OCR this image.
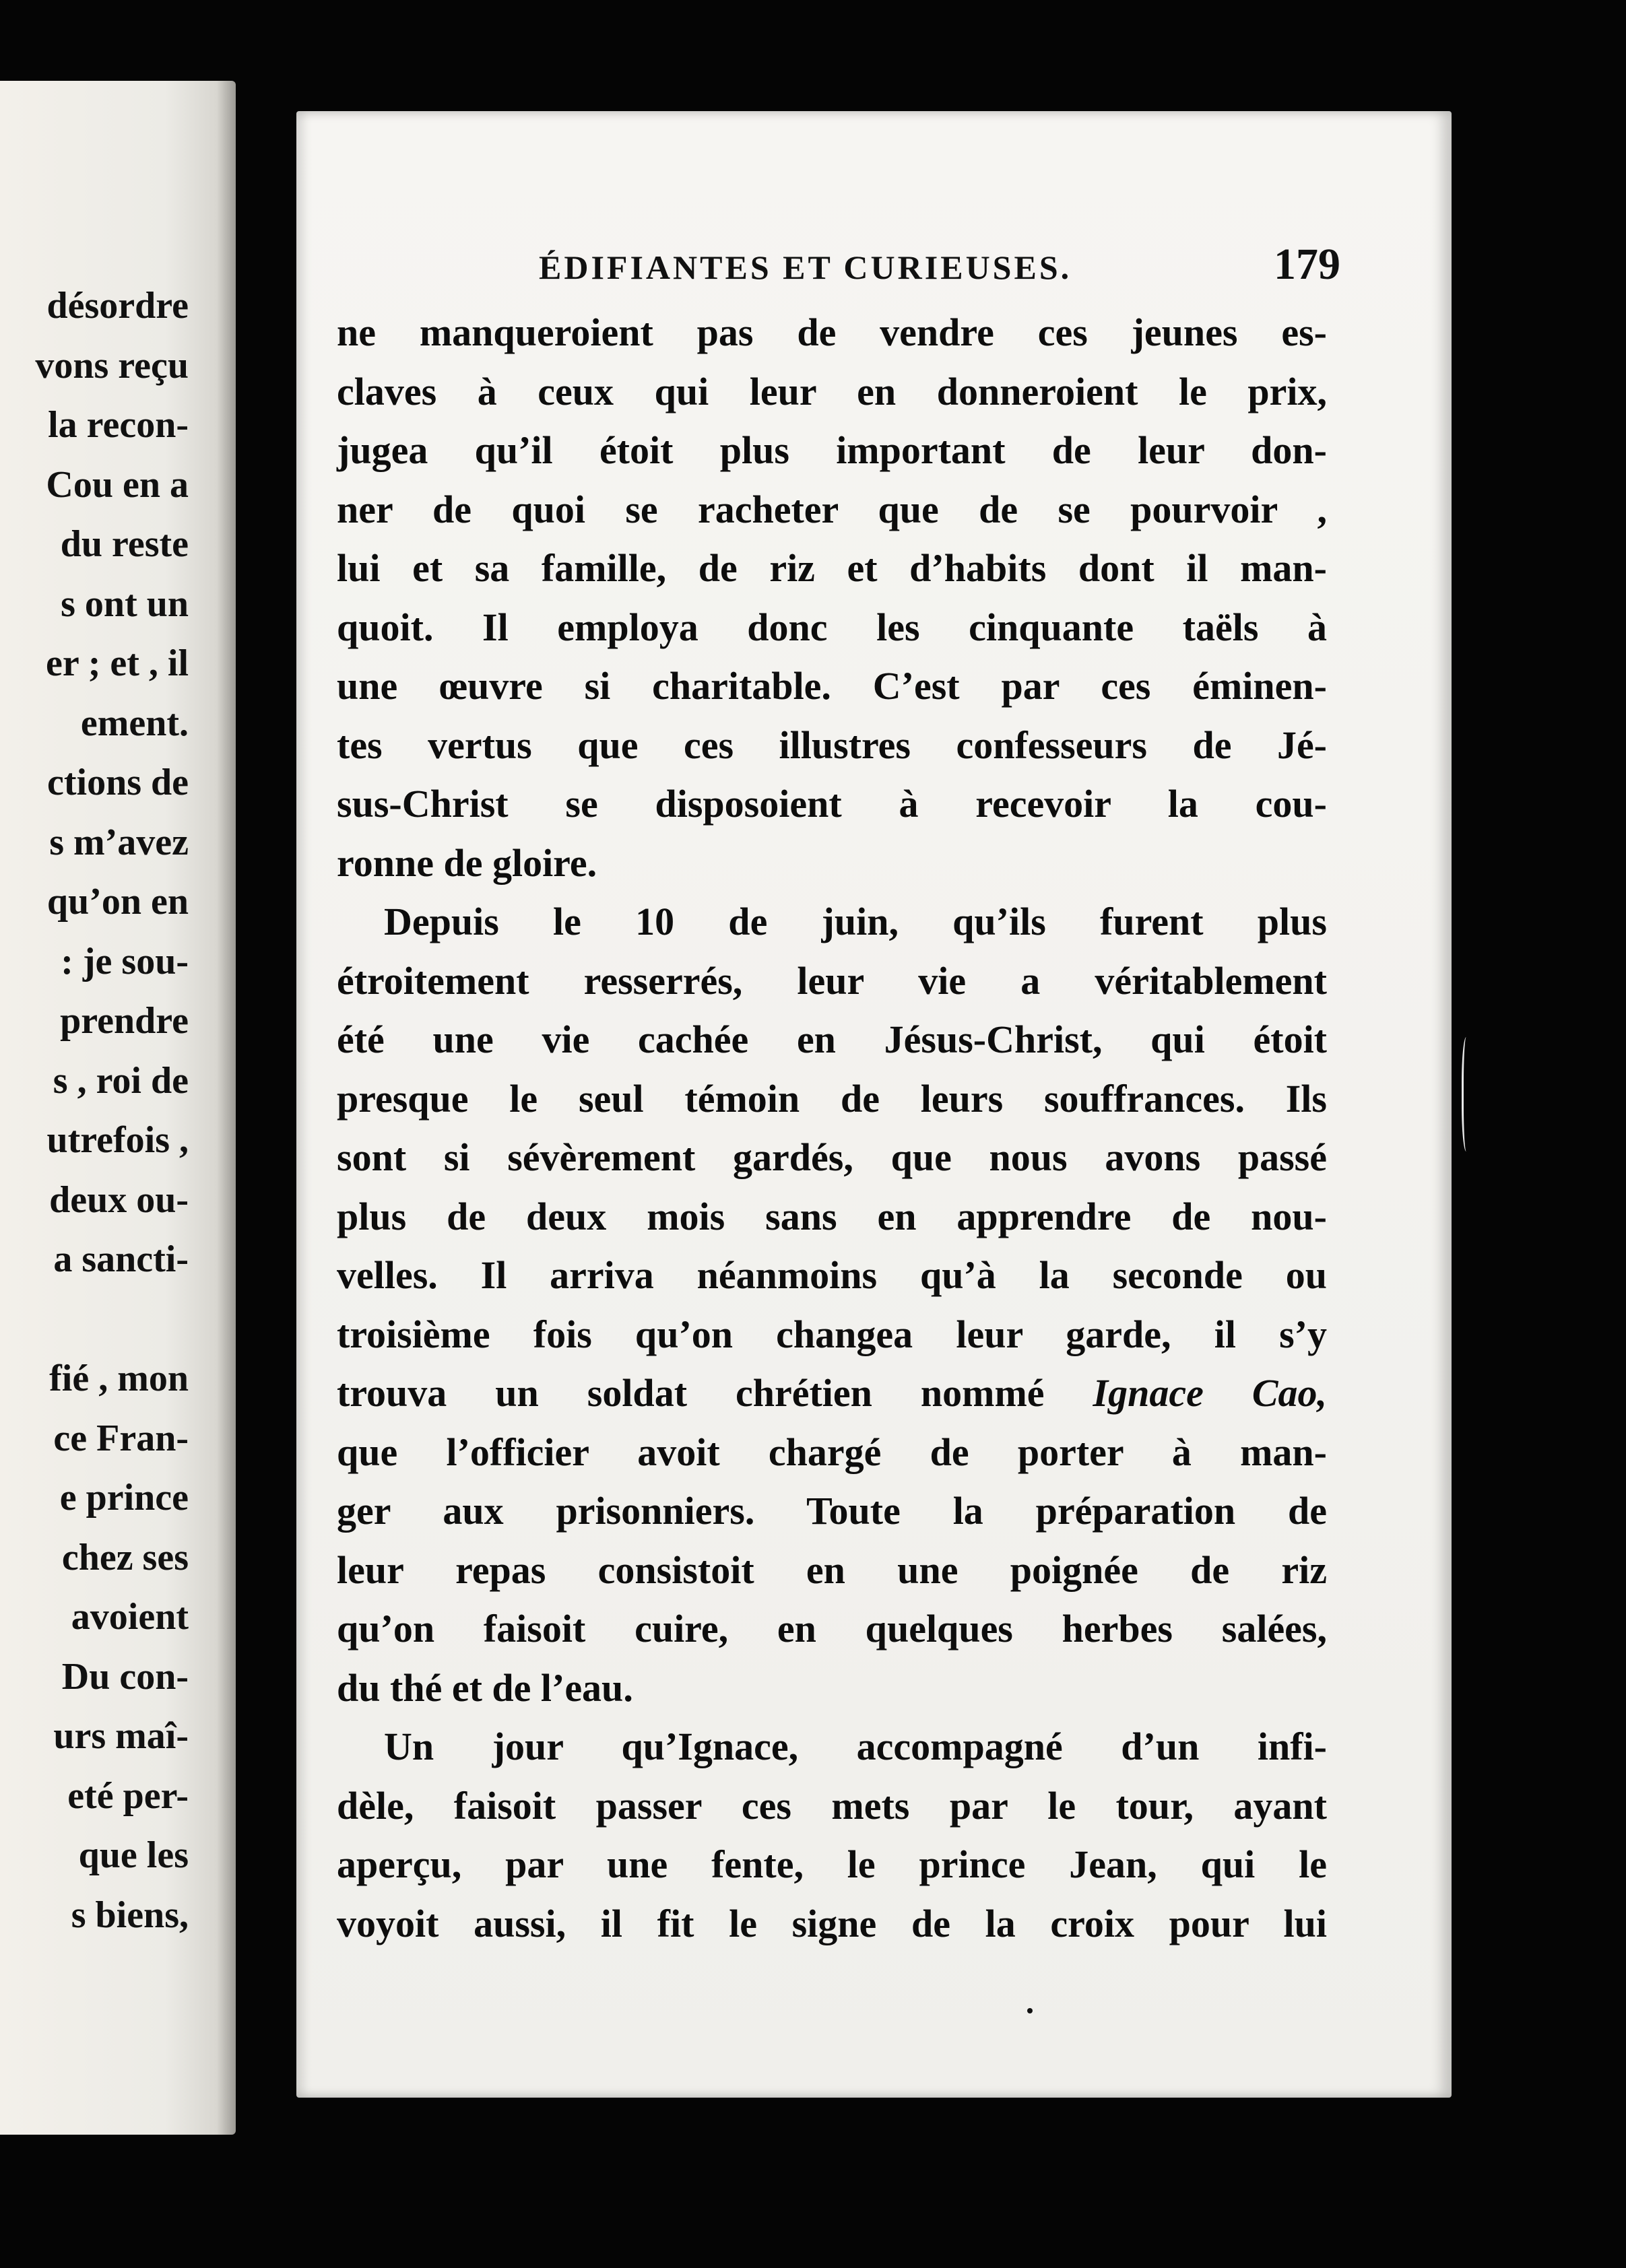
désordre
vons reçu
la recon-
Cou en a
du reste
s ont un
er ; et , il
ement.
ctions de
s m’avez
qu’on en
: je sou-
prendre
s , roi de
utrefois ,
deux ou-
a sancti-
fié , mon
ce Fran-
e prince
chez ses
avoient
Du con-
urs maî-
eté per-
que les
s biens,
ÉDIFIANTES ET CURIEUSES.	179
ne manqueroient pas de vendre ces jeunes es-
claves à ceux qui leur en donneroient le prix,
jugea qu’il étoit plus important de leur don-
ner de quoi se racheter que de se pourvoir ,
lui et sa famille, de riz et d’habits dont il man-
quoit. Il employa donc les cinquante taëls à
une œuvre si charitable. C’est par ces éminen-
tes vertus que ces illustres confesseurs de Jé-
sus-Christ se disposoient à recevoir la cou-
ronne de gloire.
Depuis le 10 de juin, qu’ils furent plus
étroitement resserrés, leur vie a véritablement
été une vie cachée en Jésus-Christ, qui étoit
presque le seul témoin de leurs souffrances. Ils
sont si sévèrement gardés, que nous avons passé
plus de deux mois sans en apprendre de nou-
velles. Il arriva néanmoins qu’à la seconde ou
troisième fois qu’on changea leur garde, il s’y
trouva un soldat chrétien nommé Ignace Cao,
que l’officier avoit chargé de porter à man-
ger aux prisonniers. Toute la préparation de
leur repas consistoit en une poignée de riz
qu’on faisoit cuire, en quelques herbes salées,
du thé et de l’eau.
Un jour qu’Ignace, accompagné d’un infi-
dèle, faisoit passer ces mets par le tour, ayant
aperçu, par une fente, le prince Jean, qui le
voyoit aussi, il fit le signe de la croix pour lui
